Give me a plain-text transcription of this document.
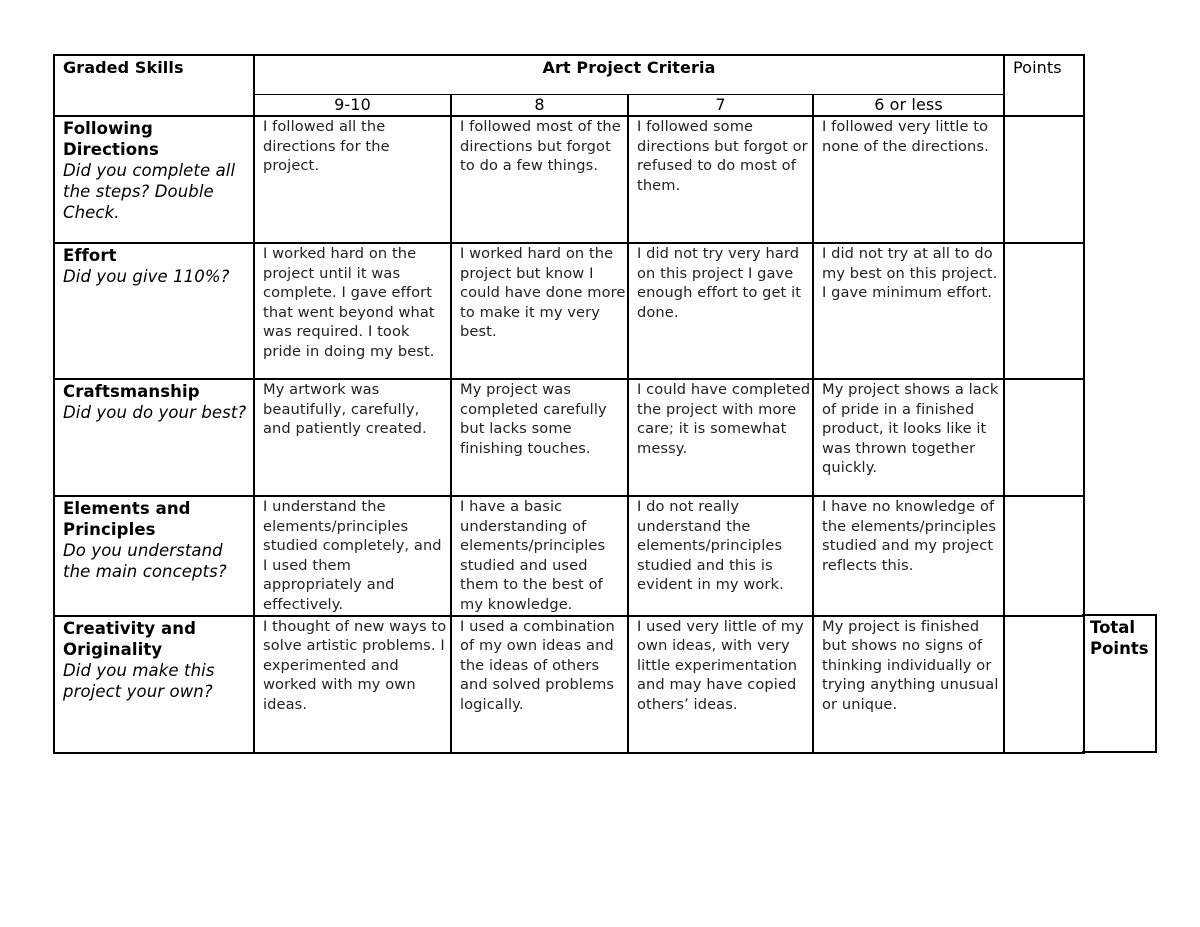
Graded Skills	Art Project Criteria				Points
	9-10	8	7	6 or less	

Following Directions
Did you complete all the steps? Double Check.	I followed all the directions for the project.	I followed most of the directions but forgot to do a few things.	I followed some directions but forgot or refused to do most of them.	I followed very little to none of the directions.	

Effort
Did you give 110%?	I worked hard on the project until it was complete. I gave effort that went beyond what was required. I took pride in doing my best.	I worked hard on the project but know I could have done more to make it my very best.	I did not try very hard on this project I gave enough effort to get it done.	I did not try at all to do my best on this project. I gave minimum effort.	

Craftsmanship
Did you do your best?	My artwork was beautifully, carefully, and patiently created.	My project was completed carefully but lacks some finishing touches.	I could have completed the project with more care; it is somewhat messy.	My project shows a lack of pride in a finished product, it looks like it was thrown together quickly.	

Elements and Principles
Do you understand the main concepts?	I understand the elements/principles studied completely, and I used them appropriately and effectively.	I have a basic understanding of elements/principles studied and used them to the best of my knowledge.	I do not really understand the elements/principles studied and this is evident in my work.	I have no knowledge of the elements/principles studied and my project reflects this.	

Creativity and Originality
Did you make this project your own?	I thought of new ways to solve artistic problems. I experimented and worked with my own ideas.	I used a combination of my own ideas and the ideas of others and solved problems logically.	I used very little of my own ideas, with very little experimentation and may have copied others’ ideas.	My project is finished but shows no signs of thinking individually or trying anything unusual or unique.	
Total Points
